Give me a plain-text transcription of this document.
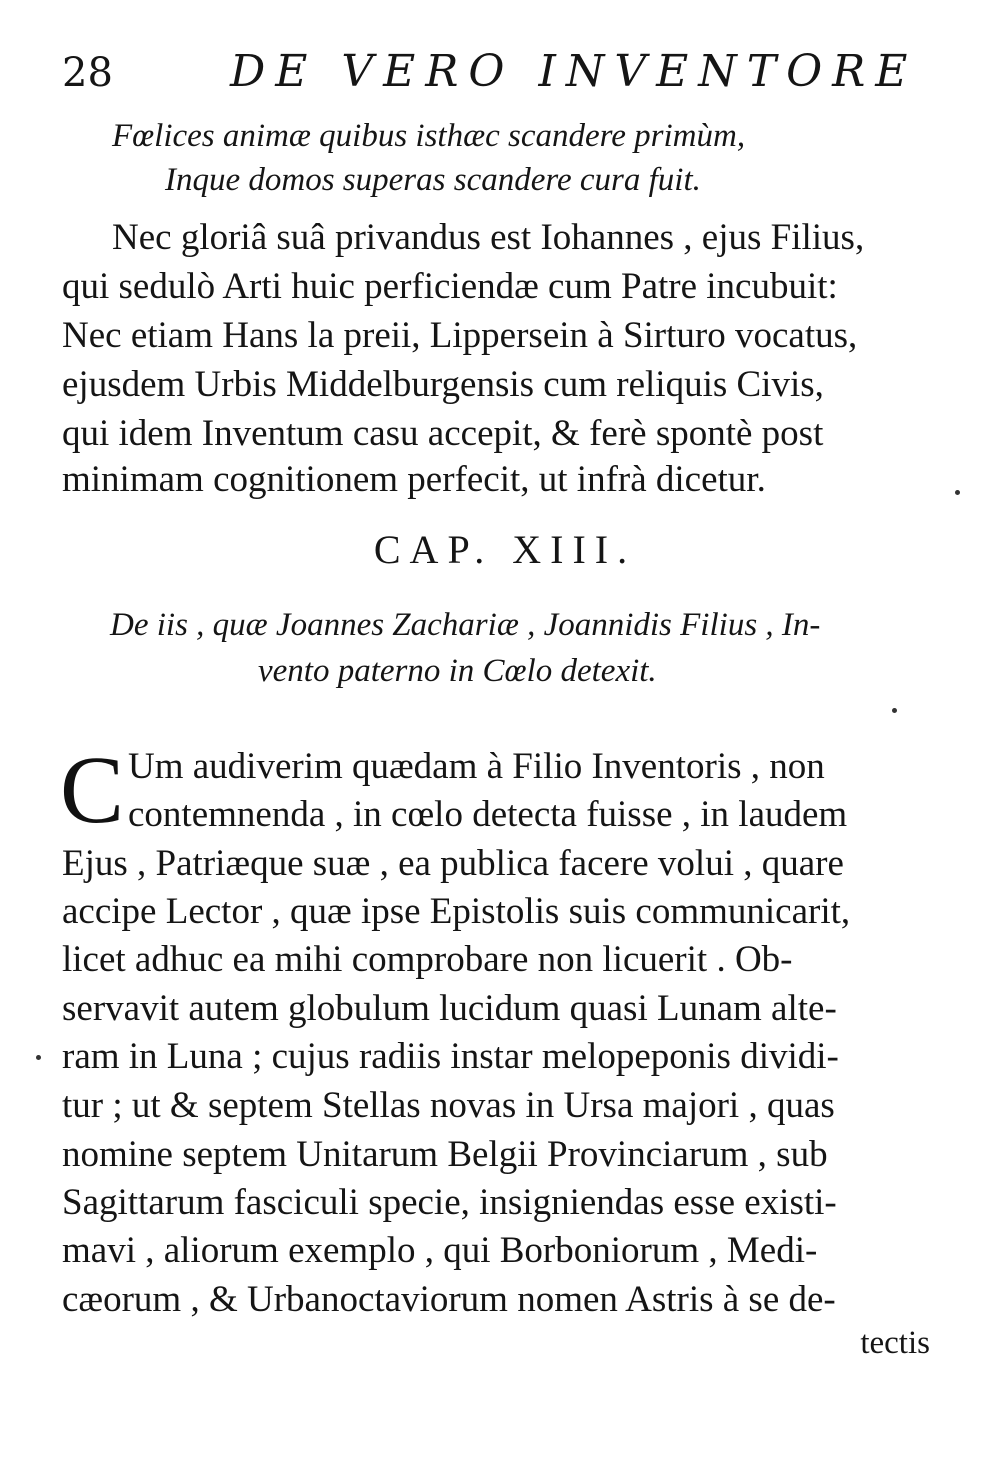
28	DE VERO INVENTORE
Fœlices animæ quibus isthæc scandere primùm,
Inque domos superas scandere cura fuit.
Nec gloriâ suâ privandus est Iohannes , ejus Filius,
qui sedulò Arti huic perficiendæ cum Patre incubuit:
Nec etiam Hans la preii, Lippersein à Sirturo vocatus,
ejusdem Urbis Middelburgensis cum reliquis Civis,
qui idem Inventum casu accepit, & ferè spontè post
minimam cognitionem perfecit, ut infrà dicetur.
CAP. XIII.
De iis , quæ Joannes Zachariæ , Joannidis Filius , In-
vento paterno in Cœlo detexit.
C Um audiverim quædam à Filio Inventoris , non
contemnenda , in cœlo detecta fuisse , in laudem
Ejus , Patriæque suæ , ea publica facere volui , quare
accipe Lector , quæ ipse Epistolis suis communicarit,
licet adhuc ea mihi comprobare non licuerit . Ob-
servavit autem globulum lucidum quasi Lunam alte-
ram in Luna ; cujus radiis instar melopeponis dividi-
tur ; ut & septem Stellas novas in Ursa majori , quas
nomine septem Unitarum Belgii Provinciarum , sub
Sagittarum fasciculi specie, insigniendas esse existi-
mavi , aliorum exemplo , qui Borboniorum , Medi-
cæorum , & Urbanoctaviorum nomen Astris à se de-
tectis
